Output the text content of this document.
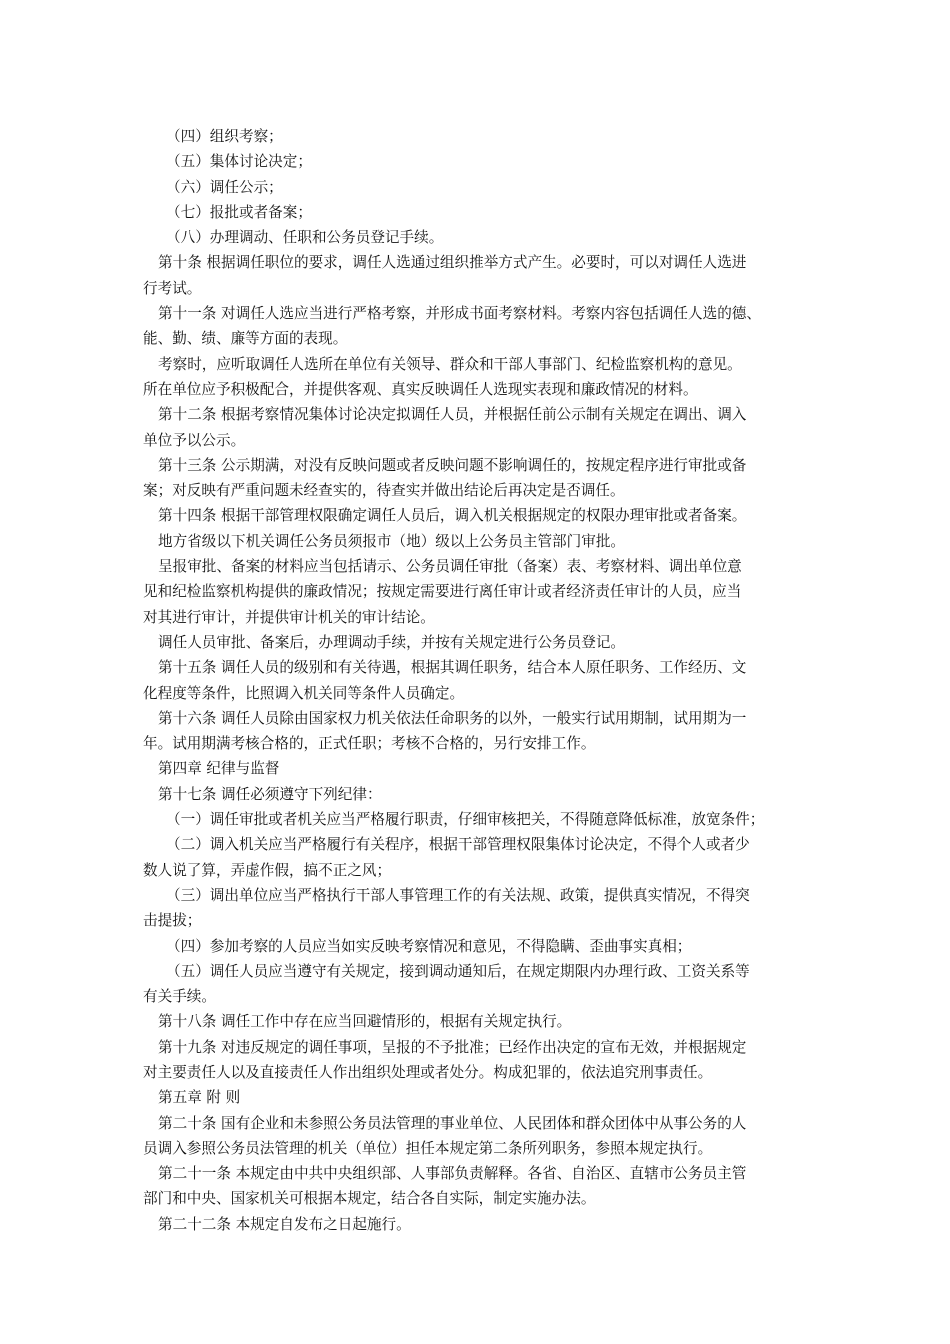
（四）组织考察；
（五）集体讨论决定；
（六）调任公示；
（七）报批或者备案；
（八）办理调动、任职和公务员登记手续。
第十条 根据调任职位的要求，调任人选通过组织推举方式产生。必要时，可以对调任人选进
行考试。
第十一条 对调任人选应当进行严格考察，并形成书面考察材料。考察内容包括调任人选的德、
能、勤、绩、廉等方面的表现。
考察时，应听取调任人选所在单位有关领导、群众和干部人事部门、纪检监察机构的意见。
所在单位应予积极配合，并提供客观、真实反映调任人选现实表现和廉政情况的材料。
第十二条 根据考察情况集体讨论决定拟调任人员，并根据任前公示制有关规定在调出、调入
单位予以公示。
第十三条 公示期满，对没有反映问题或者反映问题不影响调任的，按规定程序进行审批或备
案；对反映有严重问题未经查实的，待查实并做出结论后再决定是否调任。
第十四条 根据干部管理权限确定调任人员后，调入机关根据规定的权限办理审批或者备案。
地方省级以下机关调任公务员须报市（地）级以上公务员主管部门审批。
呈报审批、备案的材料应当包括请示、公务员调任审批（备案）表、考察材料、调出单位意
见和纪检监察机构提供的廉政情况；按规定需要进行离任审计或者经济责任审计的人员，应当
对其进行审计，并提供审计机关的审计结论。
调任人员审批、备案后，办理调动手续，并按有关规定进行公务员登记。
第十五条 调任人员的级别和有关待遇，根据其调任职务，结合本人原任职务、工作经历、文
化程度等条件，比照调入机关同等条件人员确定。
第十六条 调任人员除由国家权力机关依法任命职务的以外，一般实行试用期制，试用期为一
年。试用期满考核合格的，正式任职；考核不合格的，另行安排工作。
第四章 纪律与监督
第十七条 调任必须遵守下列纪律：
（一）调任审批或者机关应当严格履行职责，仔细审核把关，不得随意降低标准，放宽条件；
（二）调入机关应当严格履行有关程序，根据干部管理权限集体讨论决定，不得个人或者少
数人说了算，弄虚作假，搞不正之风；
（三）调出单位应当严格执行干部人事管理工作的有关法规、政策，提供真实情况，不得突
击提拔；
（四）参加考察的人员应当如实反映考察情况和意见，不得隐瞒、歪曲事实真相；
（五）调任人员应当遵守有关规定，接到调动通知后，在规定期限内办理行政、工资关系等
有关手续。
第十八条 调任工作中存在应当回避情形的，根据有关规定执行。
第十九条 对违反规定的调任事项，呈报的不予批准；已经作出决定的宣布无效，并根据规定
对主要责任人以及直接责任人作出组织处理或者处分。构成犯罪的，依法追究刑事责任。
第五章 附 则
第二十条 国有企业和未参照公务员法管理的事业单位、人民团体和群众团体中从事公务的人
员调入参照公务员法管理的机关（单位）担任本规定第二条所列职务，参照本规定执行。
第二十一条 本规定由中共中央组织部、人事部负责解释。各省、自治区、直辖市公务员主管
部门和中央、国家机关可根据本规定，结合各自实际，制定实施办法。
第二十二条 本规定自发布之日起施行。
